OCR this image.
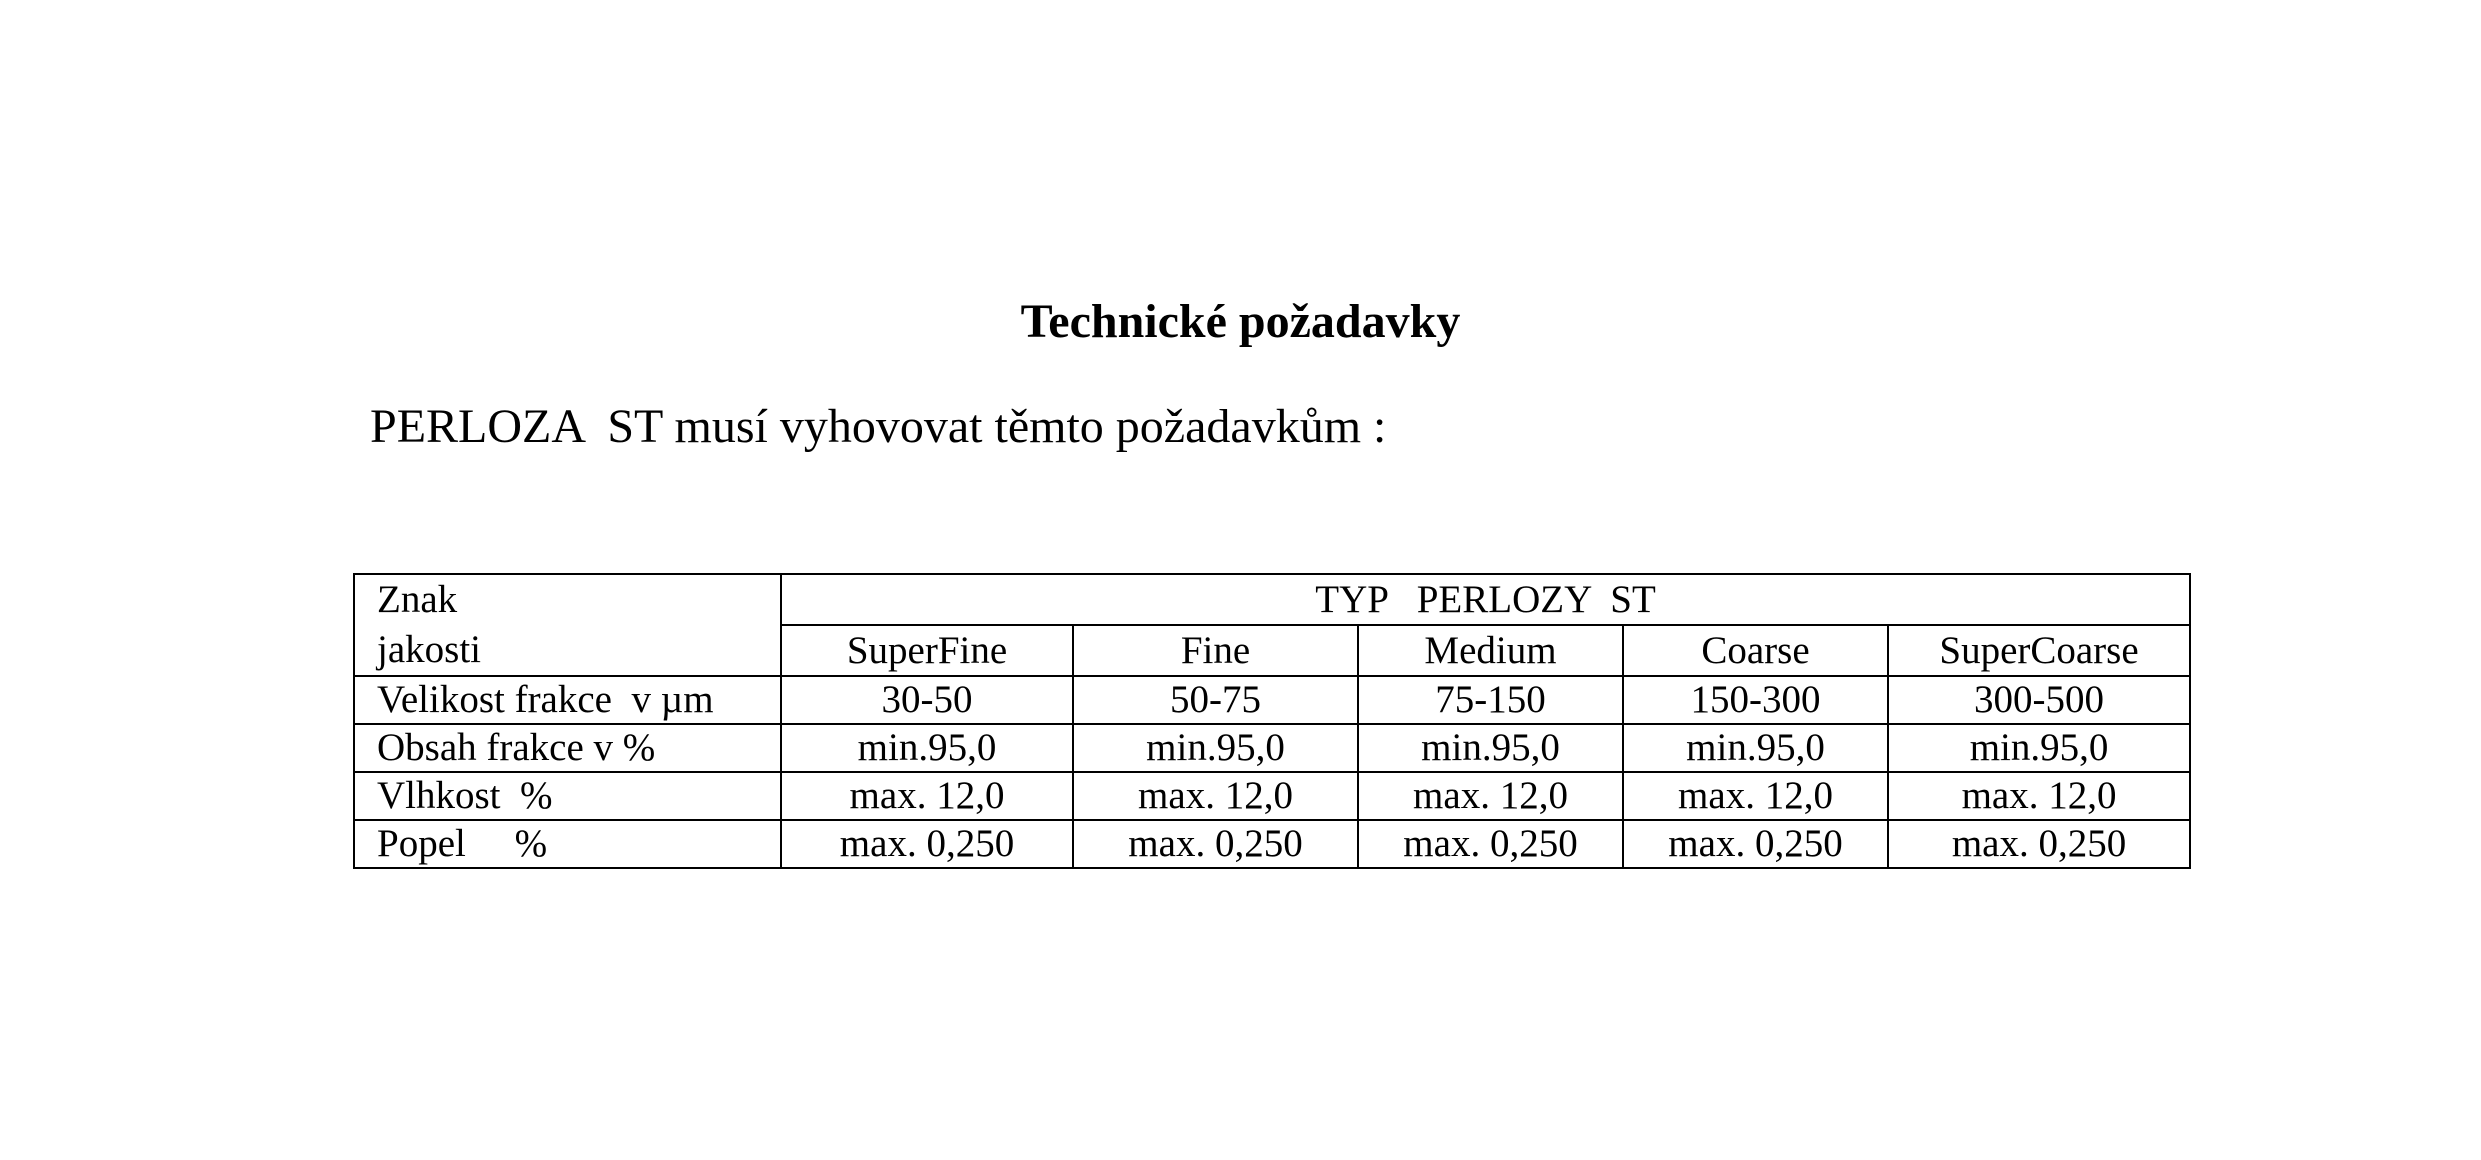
Technické požadavky
PERLOZA  ST musí vyhovovat těmto požadavkům :
Znak
jakosti	TYP   PERLOZY  ST				
	SuperFine	Fine	Medium	Coarse	SuperCoarse
Velikost frakce  v µm	30-50	50-75	75-150	150-300	300-500
Obsah frakce v %	min.95,0	min.95,0	min.95,0	min.95,0	min.95,0
Vlhkost  %	max. 12,0	max. 12,0	max. 12,0	max. 12,0	max. 12,0
Popel     %	max. 0,250	max. 0,250	max. 0,250	max. 0,250	max. 0,250
